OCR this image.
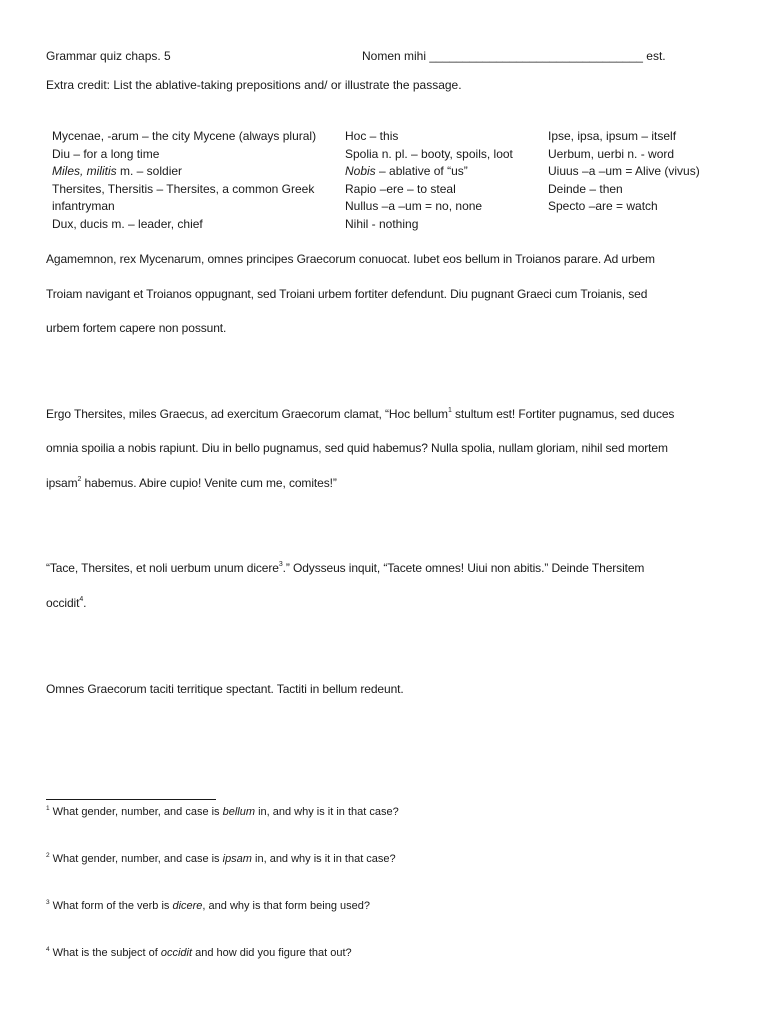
Grammar quiz chaps. 5	Nomen mihi ________________________________ est.
Extra credit: List the ablative-taking prepositions and/ or illustrate the passage.
Mycenae, -arum – the city Mycene (always plural)
Diu – for a long time
Miles, militis m. – soldier
Thersites, Thersitis – Thersites, a common Greek
infantryman
Dux, ducis m. – leader, chief
Hoc – this
Spolia n. pl. – booty, spoils, loot
Nobis – ablative of “us”
Rapio –ere – to steal
Nullus –a –um = no, none
Nihil - nothing
Ipse, ipsa, ipsum – itself
Uerbum, uerbi n. - word
Uiuus –a –um = Alive (vivus)
Deinde – then
Specto –are = watch
Agamemnon, rex Mycenarum, omnes principes Graecorum conuocat. Iubet eos bellum in Troianos parare. Ad urbem
Troiam navigant et Troianos oppugnant, sed Troiani urbem fortiter defendunt. Diu pugnant Graeci cum Troianis, sed
urbem fortem capere non possunt.
Ergo Thersites, miles Graecus, ad exercitum Graecorum clamat, “Hoc bellum$^1$ stultum est! Fortiter pugnamus, sed duces
omnia spoilia a nobis rapiunt. Diu in bello pugnamus, sed quid habemus? Nulla spolia, nullam gloriam, nihil sed mortem
ipsam$^2$ habemus. Abire cupio! Venite cum me, comites!”
“Tace, Thersites, et noli uerbum unum dicere$^3$.” Odysseus inquit, “Tacete omnes! Uiui non abitis.” Deinde Thersitem
occidit$^4$.
Omnes Graecorum taciti territique spectant. Tactiti in bellum redeunt.
$^1$ What gender, number, and case is bellum in, and why is it in that case?
$^2$ What gender, number, and case is ipsam in, and why is it in that case?
$^3$ What form of the verb is dicere, and why is that form being used?
$^4$ What is the subject of occidit and how did you figure that out?
